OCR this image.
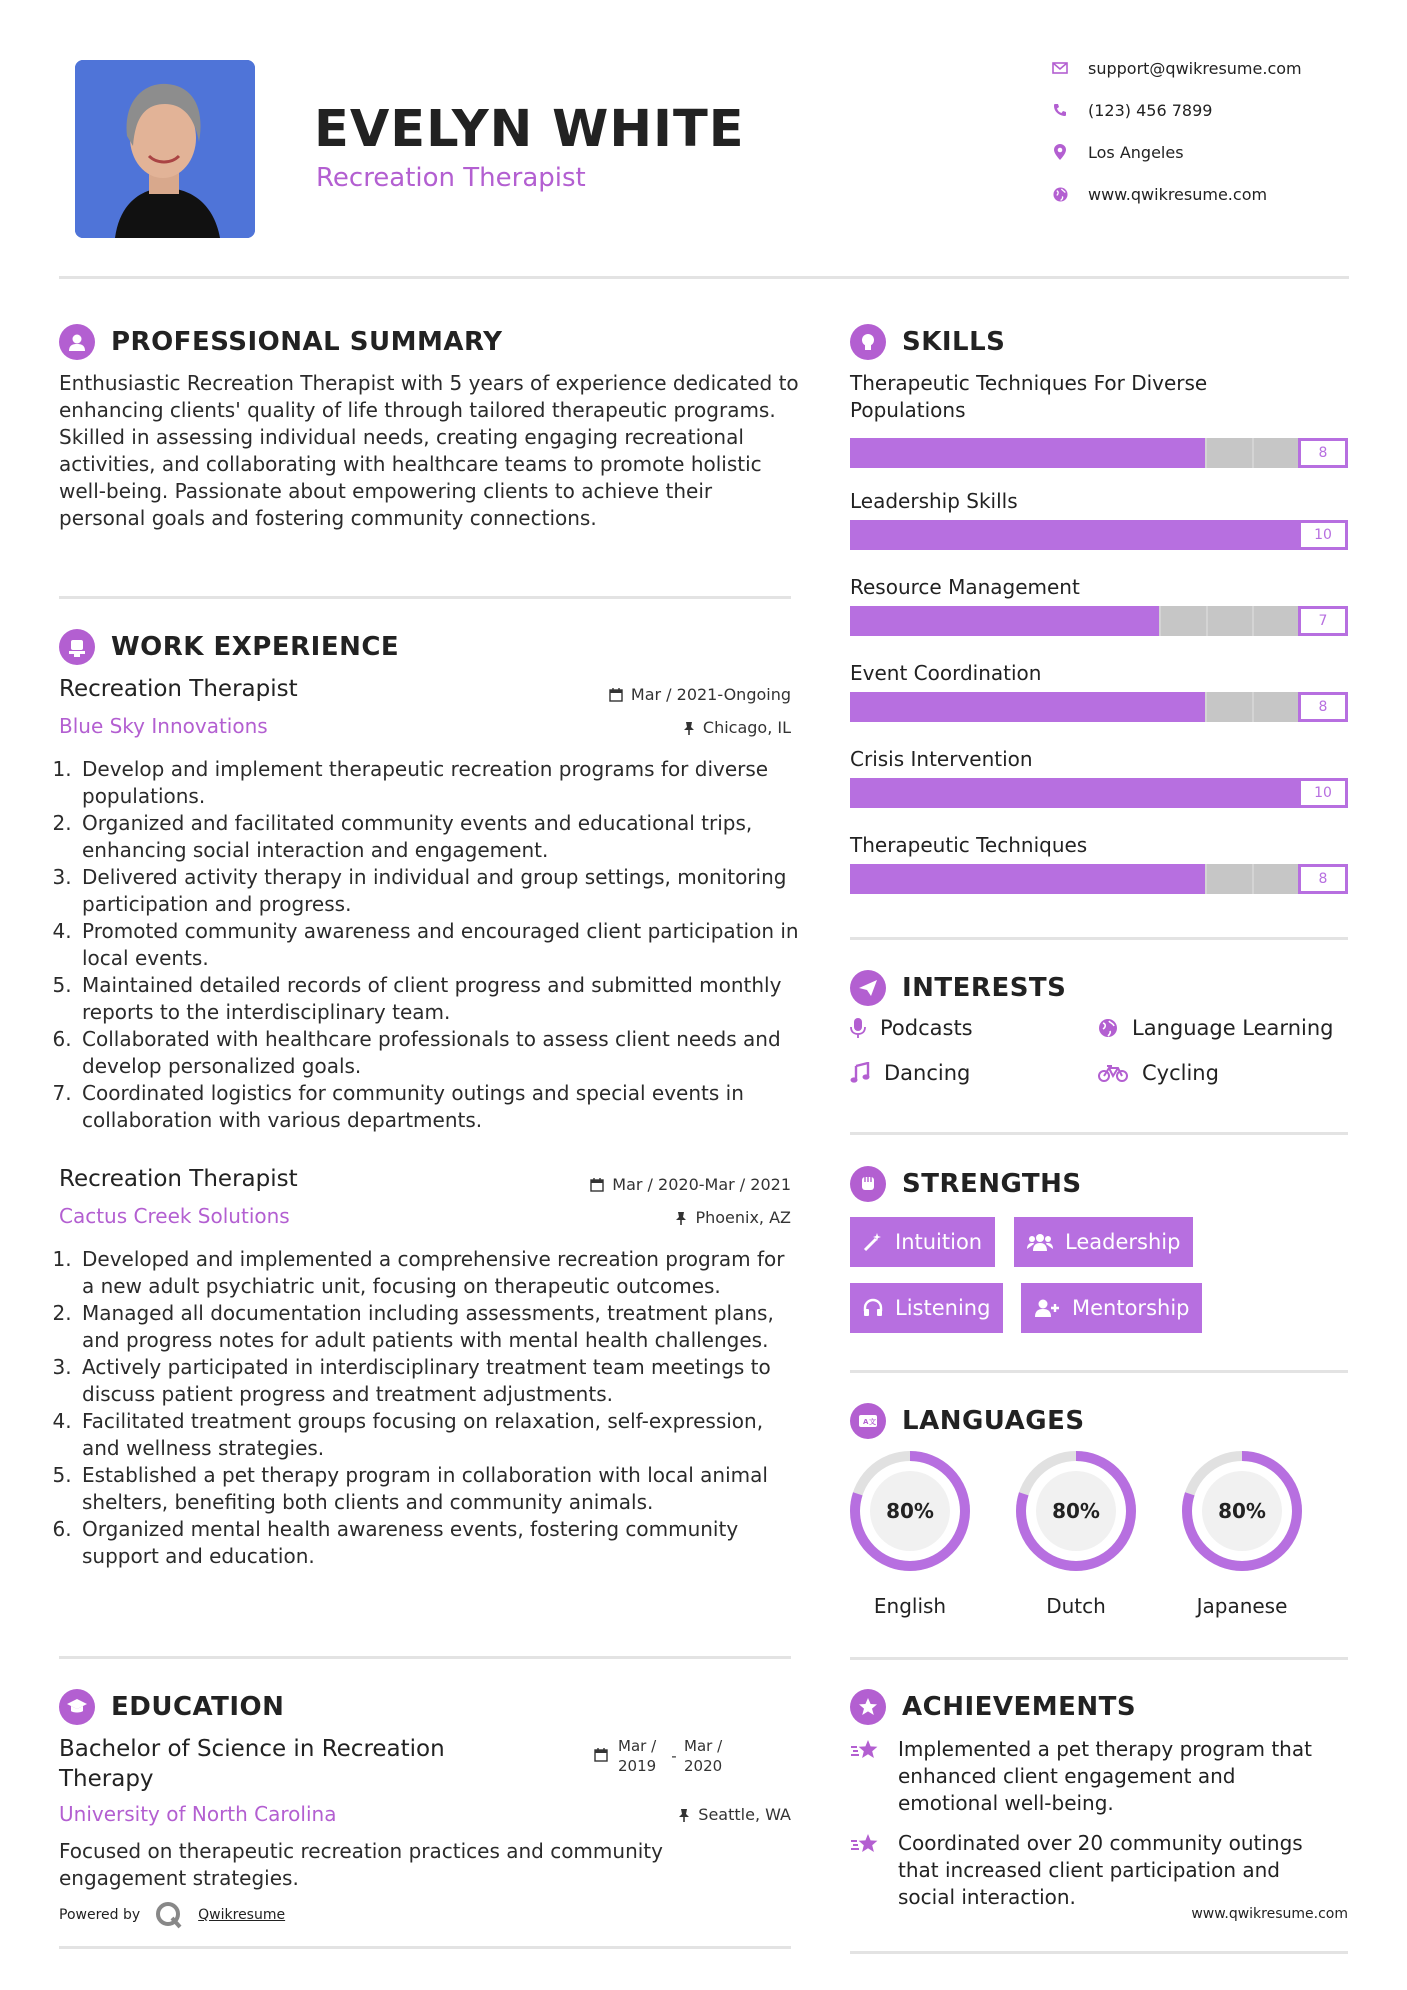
EVELYN WHITE
Recreation Therapist
support@qwikresume.com
(123) 456 7899
Los Angeles
www.qwikresume.com
PROFESSIONAL SUMMARY
Enthusiastic Recreation Therapist with 5 years of experience dedicated to enhancing clients' quality of life through tailored therapeutic programs. Skilled in assessing individual needs, creating engaging recreational activities, and collaborating with healthcare teams to promote holistic well-being. Passionate about empowering clients to achieve their personal goals and fostering community connections.
WORK EXPERIENCE
Recreation Therapist	Mar / 2021-Ongoing
Blue Sky Innovations	Chicago, IL
1. Develop and implement therapeutic recreation programs for diverse populations.
2. Organized and facilitated community events and educational trips, enhancing social interaction and engagement.
3. Delivered activity therapy in individual and group settings, monitoring participation and progress.
4. Promoted community awareness and encouraged client participation in local events.
5. Maintained detailed records of client progress and submitted monthly reports to the interdisciplinary team.
6. Collaborated with healthcare professionals to assess client needs and develop personalized goals.
7. Coordinated logistics for community outings and special events in collaboration with various departments.
Recreation Therapist	Mar / 2020-Mar / 2021
Cactus Creek Solutions	Phoenix, AZ
1. Developed and implemented a comprehensive recreation program for a new adult psychiatric unit, focusing on therapeutic outcomes.
2. Managed all documentation including assessments, treatment plans, and progress notes for adult patients with mental health challenges.
3. Actively participated in interdisciplinary treatment team meetings to discuss patient progress and treatment adjustments.
4. Facilitated treatment groups focusing on relaxation, self-expression, and wellness strategies.
5. Established a pet therapy program in collaboration with local animal shelters, benefiting both clients and community animals.
6. Organized mental health awareness events, fostering community support and education.
EDUCATION
Bachelor of Science in Recreation Therapy
Mar / 2019
-
Mar / 2020
University of North Carolina	Seattle, WA
Focused on therapeutic recreation practices and community engagement strategies.
Powered by	Qwikresume
SKILLS
Therapeutic Techniques For Diverse Populations
8
Leadership Skills
10
Resource Management
7
Event Coordination
8
Crisis Intervention
10
Therapeutic Techniques
8
INTERESTS
Podcasts	Language Learning
Dancing	Cycling
STRENGTHS
Intuition	Leadership
Listening	Mentorship
A 文 LANGUAGES
80%
English
80%
Dutch
80%
Japanese
ACHIEVEMENTS
Implemented a pet therapy program that enhanced client engagement and emotional well-being.
Coordinated over 20 community outings that increased client participation and social interaction.
www.qwikresume.com
